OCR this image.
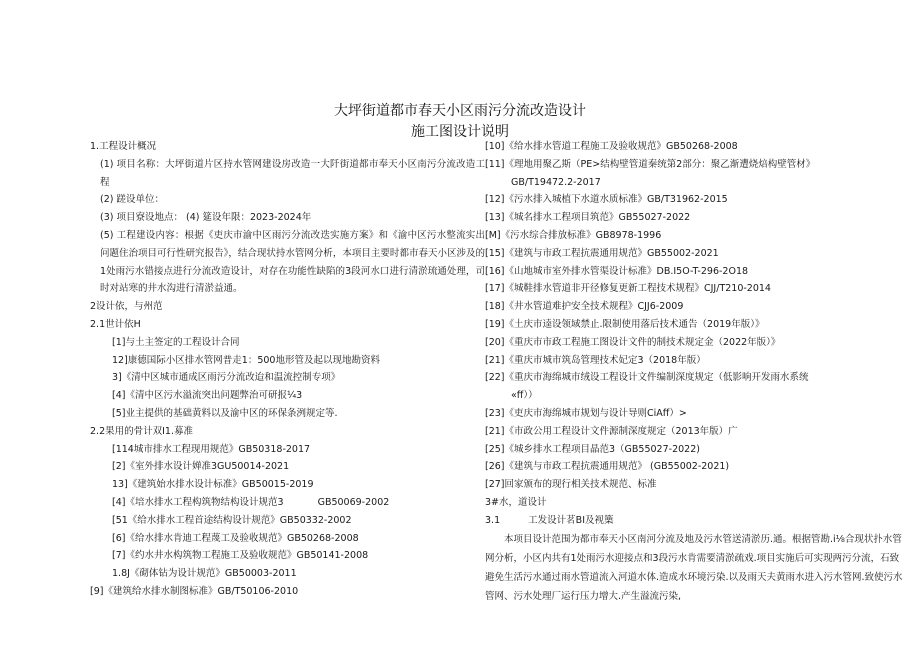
大坪街道都市春天小区雨污分流改造设计
施工图设计说明
1.工程设计概况
(1) 项目名称：大坪街道片区持水管网建设房改造一大阡街道都市奉天小区南污分流改造工程
(2) 蹉设单位：
(3) 项目寮设地点： (4) 筵设年限：2023-2024年
(5) 工程建设内容：根据《吏庆市渝中区雨污分流改迭实施方案》和《渝中区污水整流实出问题住治项目可行性研究报告》，结合现状持水管网分析，本项目主要时都市春天小区涉及的1处雨污水错接点进行分流改造设计，对存在功能性缺陷的3段河水口进行清淤琉通处理，司时对站寒的井水沟进行清淤益通。
2设计依，与州范
2.1世计依H
[1]与土主签定的工程设计合同
12]康德国际小区排水管网普走1：500地形管及起以现地勘资料
3]《清中区城市通成区雨污分流改迨和温流控制专项》
[4]《清中区污水溢流突出问题弊治可研报¼3
[5]业主提供的基础黄料以及渝中区的环保条洌规定等.
2.2果用的骨计双I1.募准
[114城市排水工程现用规范》GB50318-2017
[2]《室外排水设计婵准3GU50014-2021
13]《建筑始水排水设计标准》GB50015-2019
[4]《培水排水工程构筑物结构设计规范3	GB50069-2002
[51《给水排水工程首途结构设计规范》GB50332-2002
[6]《给水排水肯迪工程蔑工及验收规范》GB50268-2008
[7]《约水井水构筑物工程施工及验收规范》GB50141-2008
1.8J《砌体钻为设计规范》GB50003-2011
[9]《建筑给水排水制图标准》GB/T50106-2010
[10]《给水排水管道工程施工及验收规范》GB50268-2008
[11]《理地用聚乙斯（PE>结构壁管道秦统第2部分：聚乙渐遭烧焙构壁管材》
GB/T19472.2-2017
[12]《污水排入城植下水道水质标准》GB/T31962-2015
[13]《城名排水工程项目筑范》GB55027-2022
[M]《污水综合排放标准》GB8978-1996
[15]《建筑与市政工程抗震通用规范》GB55002-2021
[16]《山地城市室外排水管渠设计标准》DB.I5O-T-296-2O18
[17]《城鞋排水管道非开径修复更新工程技术规程》CJJ/T210-2014
[18]《井水管道难护安全技术规程》CJJ6-2009
[19]《土庆市逵设领域禁止.限制使用落后技术通告（2019年版）》
[20]《重庆市市政工程施工图设计文件的制技术规定金（2022年版）》
[21]《重庆市城市筑岛管理技术妃定3（2018年版）
[22]《重庆市海绵城市绒设工程设计文件编制深度规定（低影响开发雨水系统
«ff））
[23]《吏庆市海绵城市规划与设计导则CiAff）>
[21]《市政公用工程设计文件源制深度规定（2013年版）广
[25]《城乡排水工程项目晶范3（GB55027-2022)
[26]《建筑与市政工程抗震通用规范》 (GB55002-2021)
[27]回家颁布的现行相关技术规范、标准
3#水，道设计
3.1	工发设计茗BI及视篥
本项目设计范围为都市奉天小区南河分流及地及污水管送清淤历.通。根据管勘.i⅛合现状扑水管网分析，小区内共有1处雨污水迎接点和3段污水肯需要清淤疏戏.项目实施后可实现两污分流，石致避免生活污水通过雨水管道流入河道水体.造成水环境污染.以及雨天夫黄雨水进入污水管网.致使污水管网、污水处理厂运行压力增大.产生溢流污染,
